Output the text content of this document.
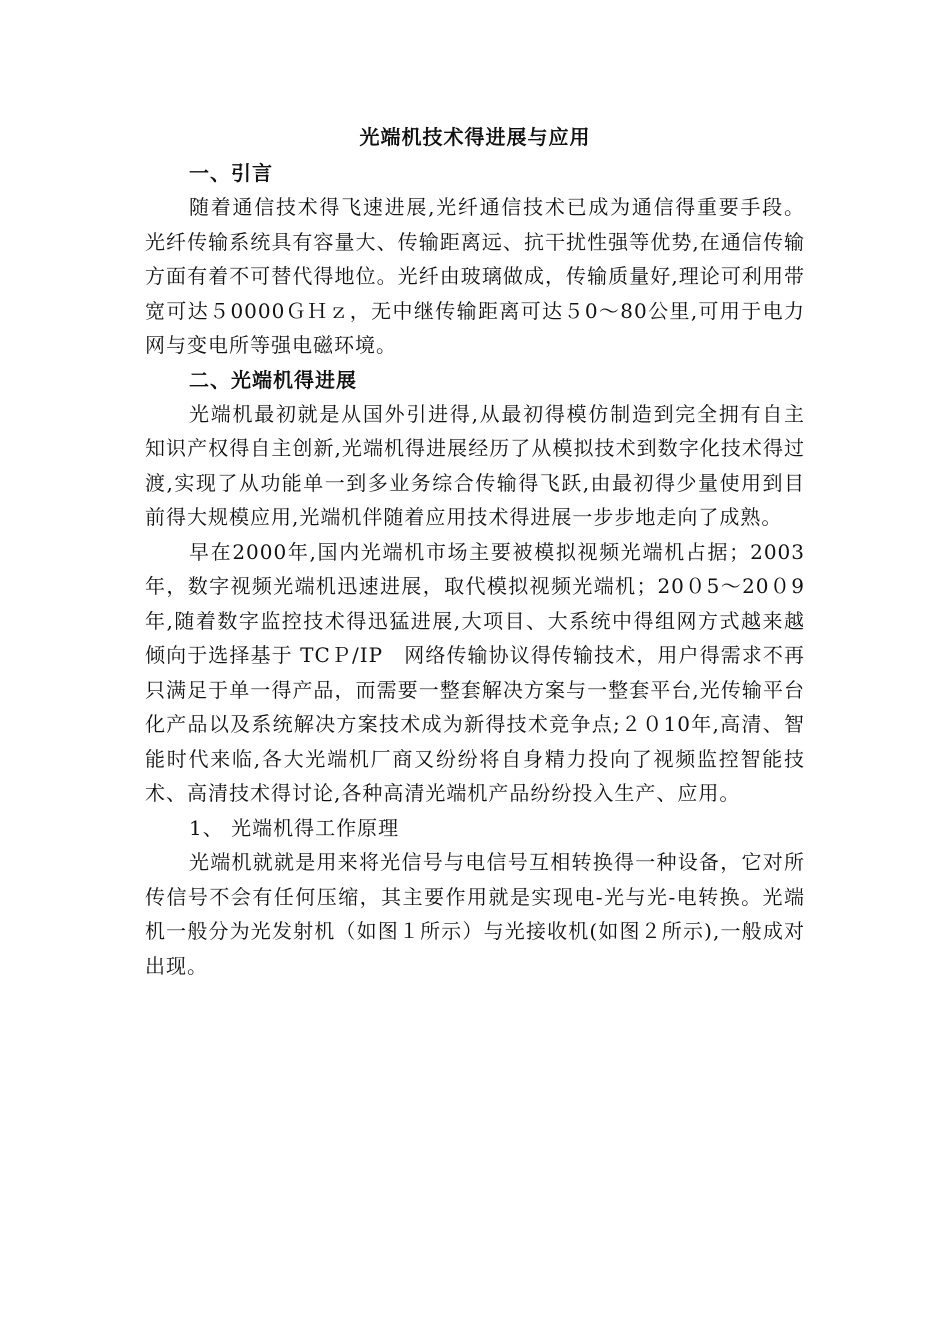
光端机技术得进展与应用
一、引言

随着通信技术得飞速进展,光纤通信技术已成为通信得重要手段。光纤传输系统具有容量大、传输距离远、抗干扰性强等优势,在通信传输方面有着不可替代得地位。光纤由玻璃做成，传输质量好,理论可利用带宽可达５0000ＧＨｚ，无中继传输距离可达５0～80公里,可用于电力网与变电所等强电磁环境。

二、光端机得进展

光端机最初就是从国外引进得,从最初得模仿制造到完全拥有自主知识产权得自主创新,光端机得进展经历了从模拟技术到数字化技术得过渡,实现了从功能单一到多业务综合传输得飞跃,由最初得少量使用到目前得大规模应用,光端机伴随着应用技术得进展一步步地走向了成熟。

早在2000年,国内光端机市场主要被模拟视频光端机占据；2003年，数字视频光端机迅速进展，取代模拟视频光端机；20０5～20０9年,随着数字监控技术得迅猛进展,大项目、大系统中得组网方式越来越倾向于选择基于 TCＰ/IP　网络传输协议得传输技术，用户得需求不再只满足于单一得产品，而需要一整套解决方案与一整套平台,光传输平台化产品以及系统解决方案技术成为新得技术竞争点;２０10年,高清、智能时代来临,各大光端机厂商又纷纷将自身精力投向了视频监控智能技术、高清技术得讨论,各种高清光端机产品纷纷投入生产、应用。

1、 光端机得工作原理

光端机就就是用来将光信号与电信号互相转换得一种设备，它对所传信号不会有任何压缩，其主要作用就是实现电-光与光-电转换。光端机一般分为光发射机（如图１所示）与光接收机(如图２所示),一般成对出现。
